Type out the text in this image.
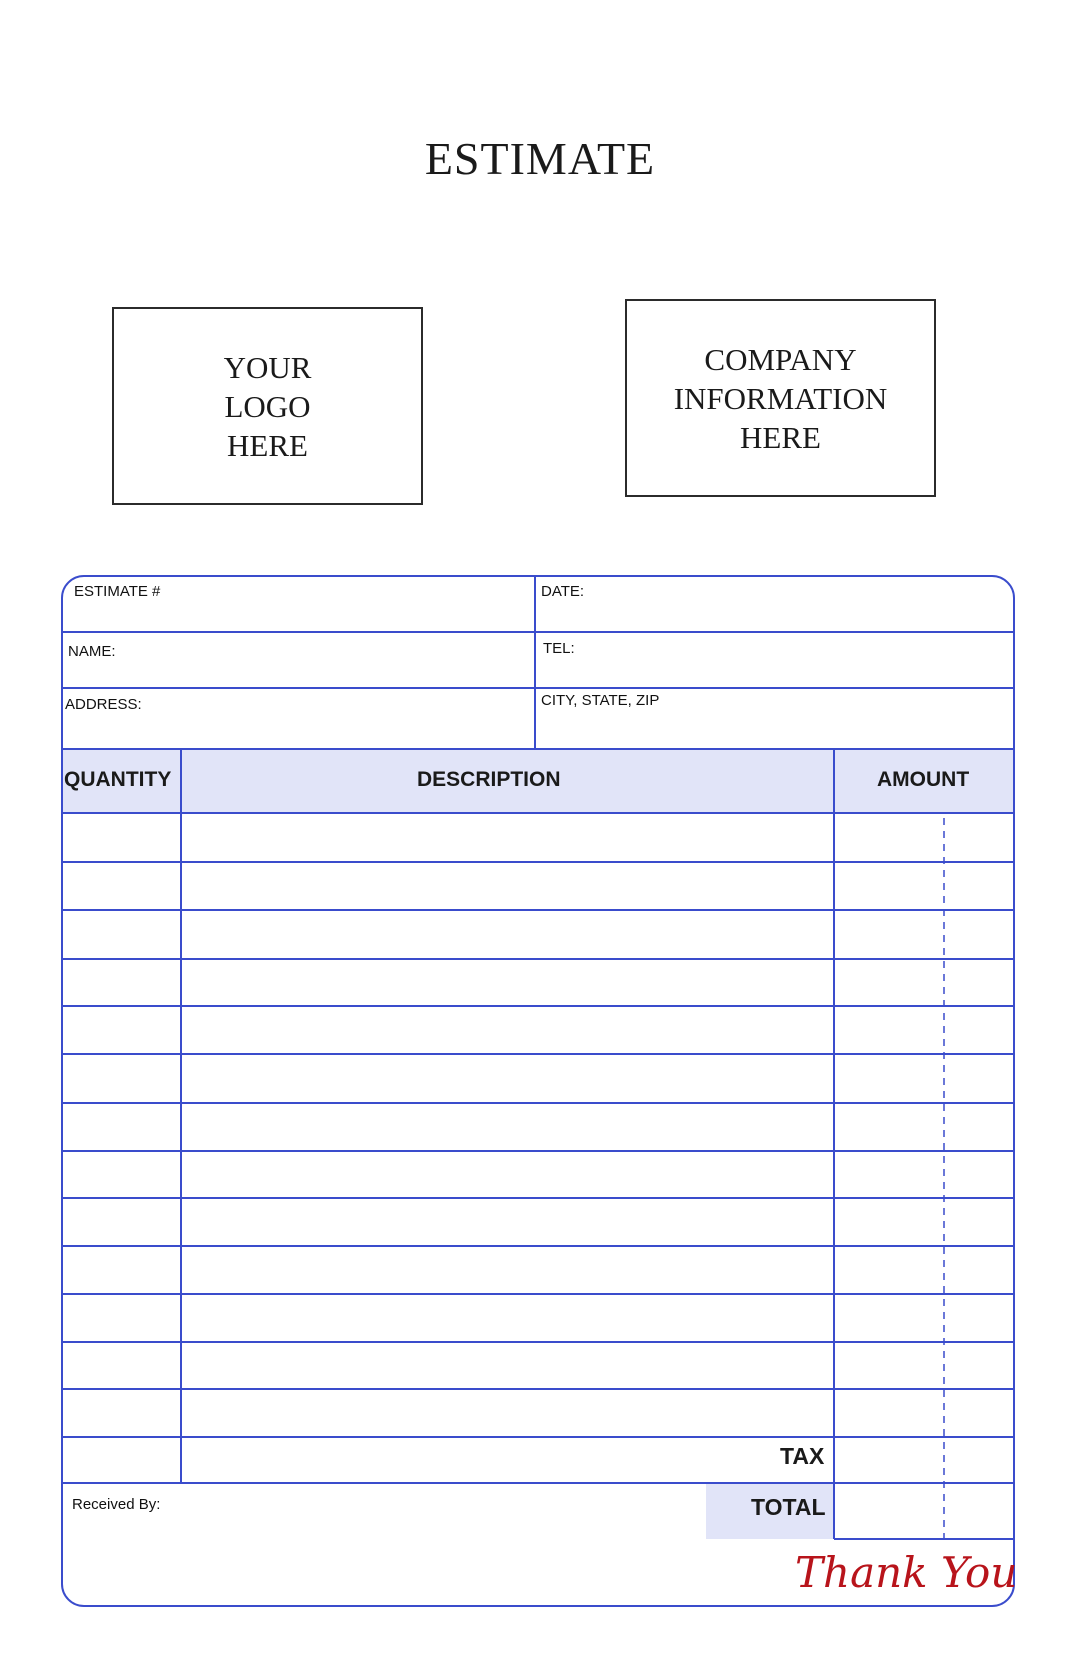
ESTIMATE
YOUR
LOGO
HERE
COMPANY
INFORMATION
HERE
ESTIMATE #	DATE:
NAME:	TEL:
ADDRESS:	CITY, STATE, ZIP
QUANTITY	DESCRIPTION	AMOUNT
TAX
TOTAL
Received By:
Thank You
